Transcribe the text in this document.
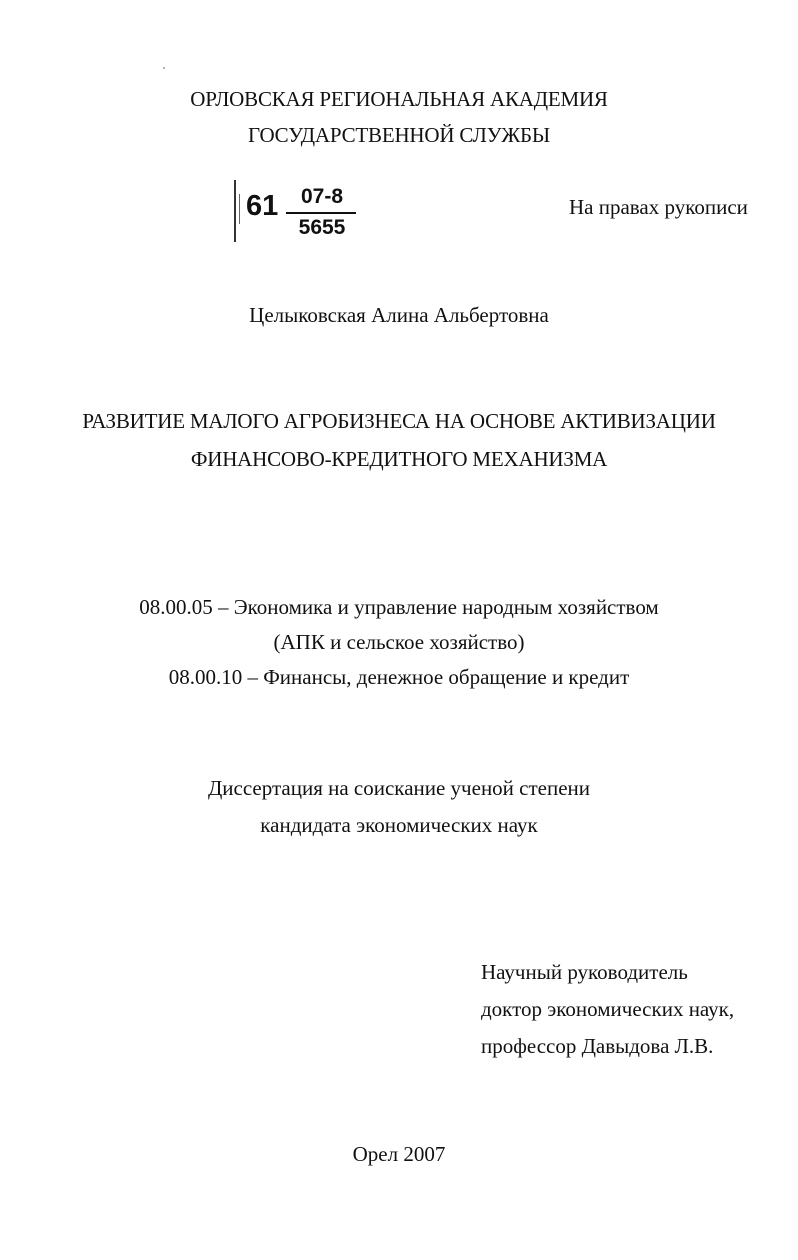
ОРЛОВСКАЯ РЕГИОНАЛЬНАЯ АКАДЕМИЯ
ГОСУДАРСТВЕННОЙ СЛУЖБЫ
61	07-8
5655
На правах рукописи
Целыковская Алина Альбертовна
РАЗВИТИЕ МАЛОГО АГРОБИЗНЕСА НА ОСНОВЕ АКТИВИЗАЦИИ
ФИНАНСОВО-КРЕДИТНОГО МЕХАНИЗМА
08.00.05 – Экономика и управление народным хозяйством
(АПК и сельское хозяйство)
08.00.10 – Финансы, денежное обращение и кредит
Диссертация на соискание ученой степени
кандидата экономических наук
Научный руководитель
доктор экономических наук,
профессор Давыдова Л.В.
Орел 2007
